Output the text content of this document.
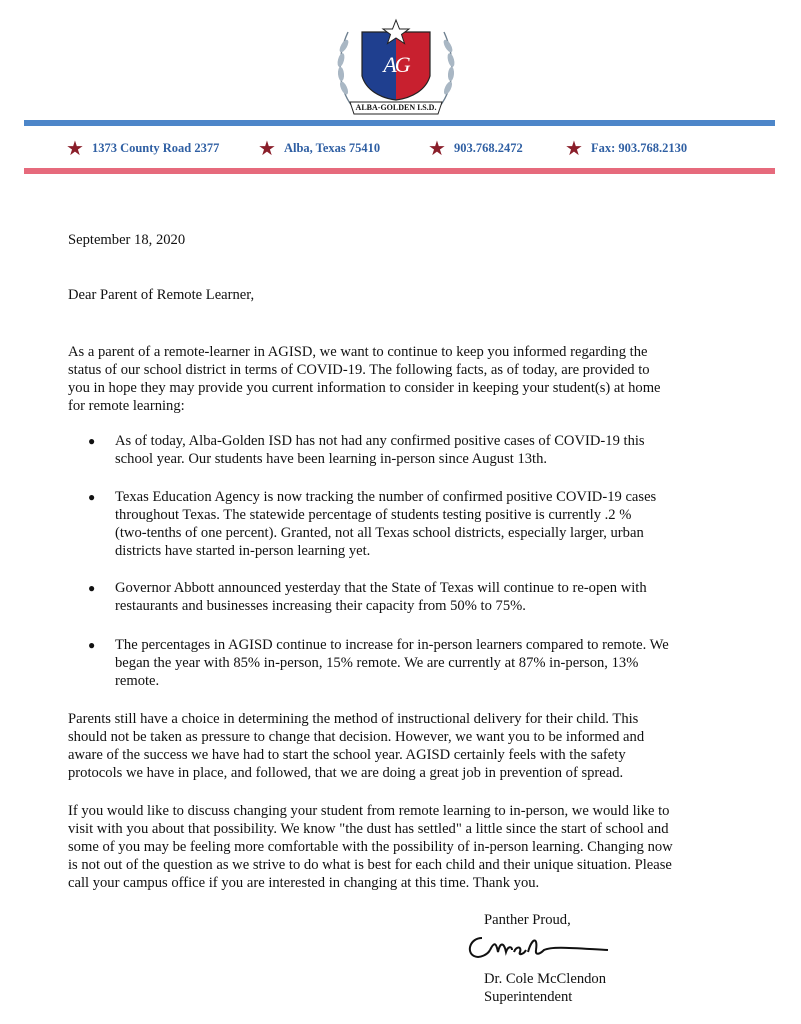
AG
ALBA-GOLDEN I.S.D.
★ 1373 County Road 2377 ★ Alba, Texas 75410 ★ 903.768.2472 ★ Fax: 903.768.2130
September 18, 2020
Dear Parent of Remote Learner,
As a parent of a remote-learner in AGISD, we want to continue to keep you informed regarding the
status of our school district in terms of COVID-19. The following facts, as of today, are provided to
you in hope they may provide you current information to consider in keeping your student(s) at home
for remote learning:
● As of today, Alba-Golden ISD has not had any confirmed positive cases of COVID-19 this
school year. Our students have been learning in-person since August 13th.
● Texas Education Agency is now tracking the number of confirmed positive COVID-19 cases
throughout Texas. The statewide percentage of students testing positive is currently .2 %
(two-tenths of one percent). Granted, not all Texas school districts, especially larger, urban
districts have started in-person learning yet.
● Governor Abbott announced yesterday that the State of Texas will continue to re-open with
restaurants and businesses increasing their capacity from 50% to 75%.
● The percentages in AGISD continue to increase for in-person learners compared to remote. We
began the year with 85% in-person, 15% remote. We are currently at 87% in-person, 13%
remote.
Parents still have a choice in determining the method of instructional delivery for their child. This
should not be taken as pressure to change that decision. However, we want you to be informed and
aware of the success we have had to start the school year. AGISD certainly feels with the safety
protocols we have in place, and followed, that we are doing a great job in prevention of spread.
If you would like to discuss changing your student from remote learning to in-person, we would like to
visit with you about that possibility. We know "the dust has settled" a little since the start of school and
some of you may be feeling more comfortable with the possibility of in-person learning. Changing now
is not out of the question as we strive to do what is best for each child and their unique situation. Please
call your campus office if you are interested in changing at this time. Thank you.
Panther Proud,
Dr. Cole McClendon
Superintendent
